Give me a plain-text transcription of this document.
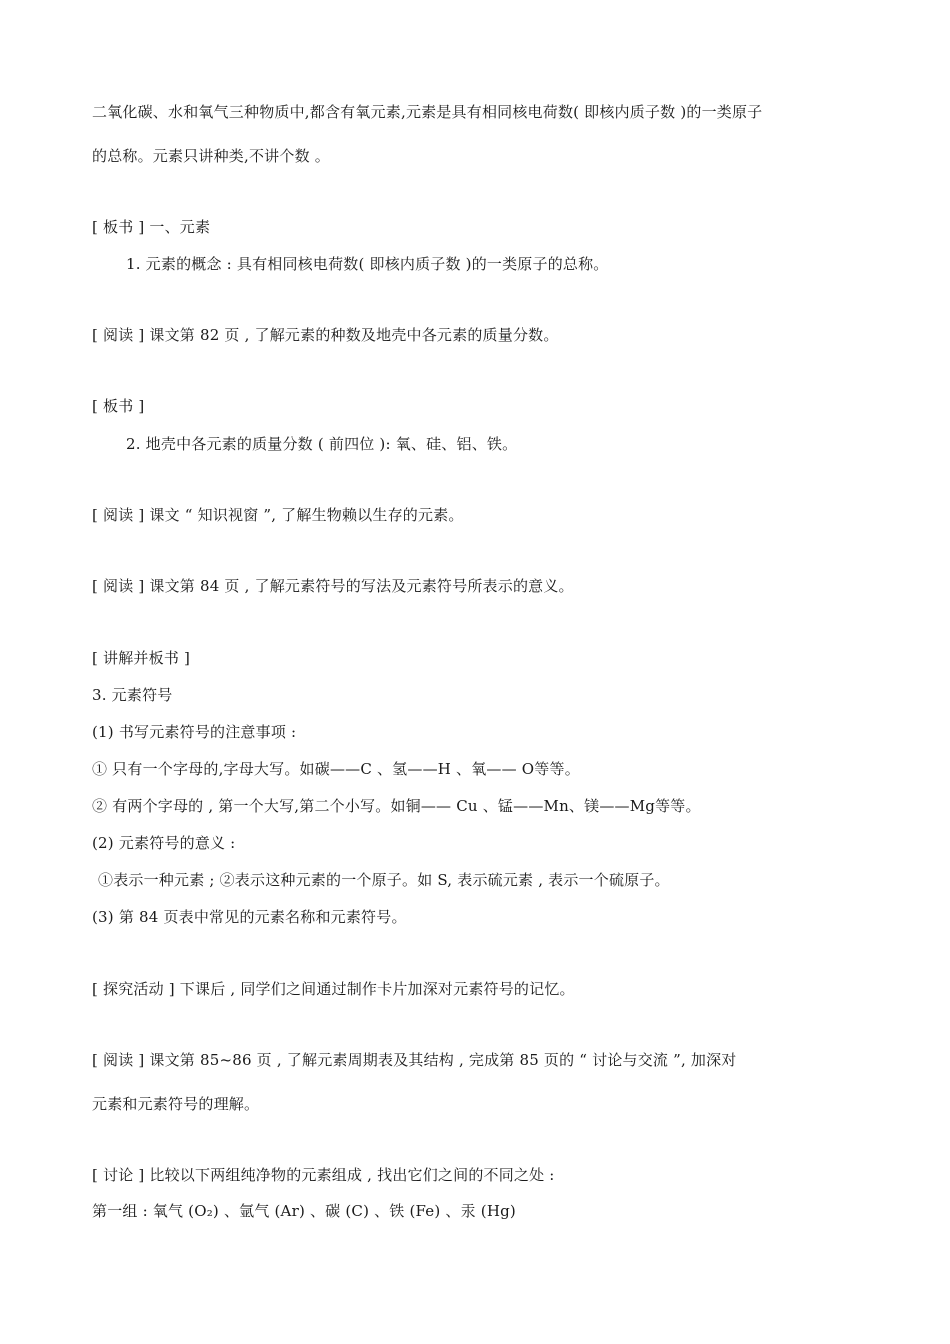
二氧化碳、水和氧气三种物质中,都含有氧元素,元素是具有相同核电荷数( 即核内质子数 )的一类原子
的总称。元素只讲种类,不讲个数 。
[ 板书 ] 一、元素
1. 元素的概念 : 具有相同核电荷数( 即核内质子数 )的一类原子的总称。
[ 阅读 ] 课文第 82 页 , 了解元素的种数及地壳中各元素的质量分数。
[ 板书 ]
2. 地壳中各元素的质量分数 ( 前四位 ): 氧、硅、铝、铁。
[ 阅读 ] 课文 “ 知识视窗 ”, 了解生物赖以生存的元素。
[ 阅读 ] 课文第 84 页 , 了解元素符号的写法及元素符号所表示的意义。
[ 讲解并板书 ]
3. 元素符号
(1) 书写元素符号的注意事项 :
① 只有一个字母的,字母大写。如碳——C 、氢——H 、氧—— O等等。
② 有两个字母的 , 第一个大写,第二个小写。如铜—— Cu 、锰——Mn、镁——Mg等等。
(2) 元素符号的意义 :
①表示一种元素 ; ②表示这种元素的一个原子。如 S, 表示硫元素 , 表示一个硫原子。
(3) 第 84 页表中常见的元素名称和元素符号。
[ 探究活动 ] 下课后 , 同学们之间通过制作卡片加深对元素符号的记忆。
[ 阅读 ] 课文第 85~86 页 , 了解元素周期表及其结构 , 完成第 85 页的 “ 讨论与交流 ”, 加深对
元素和元素符号的理解。
[ 讨论 ] 比较以下两组纯净物的元素组成 , 找出它们之间的不同之处 :
第一组 : 氧气 (O₂) 、氩气 (Ar) 、碳 (C) 、铁 (Fe) 、汞 (Hg)
